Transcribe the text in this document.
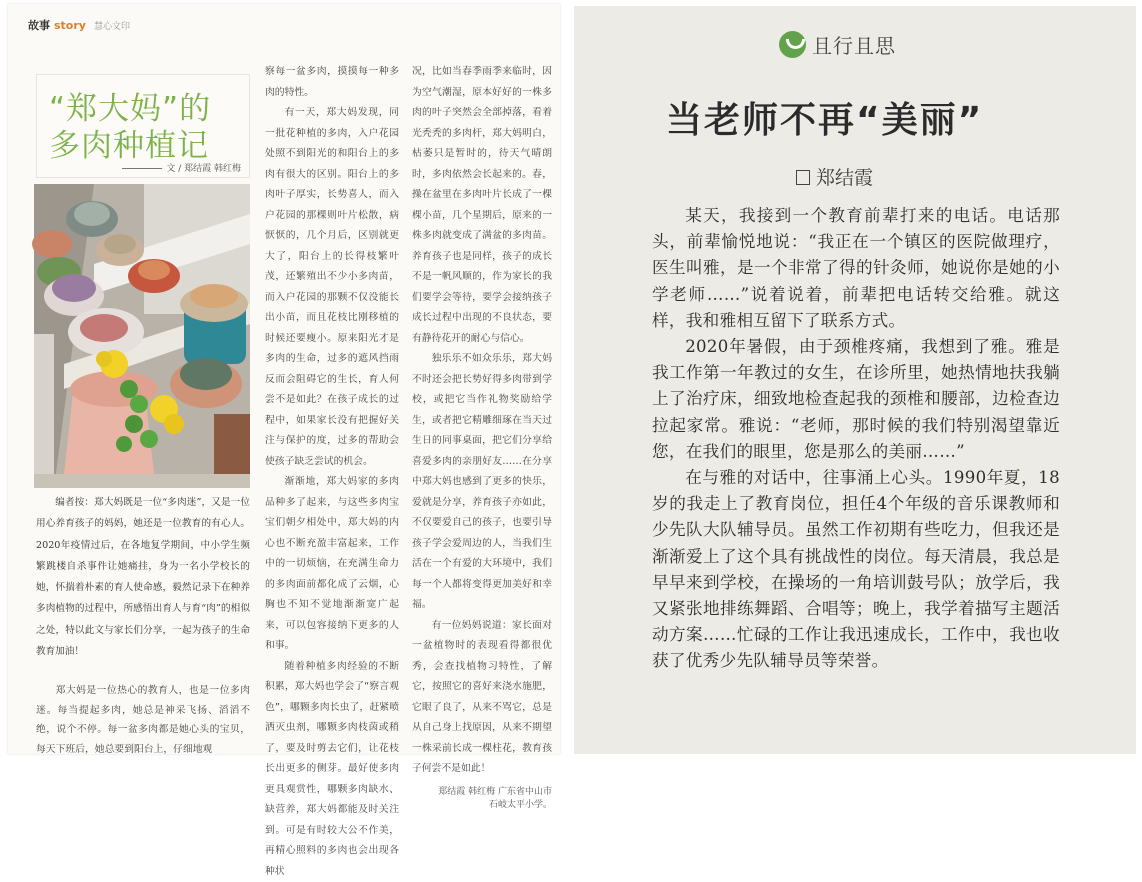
故事 story 慧心文印
“郑大妈”的
多肉种植记
文 / 郑结霞 韩红梅

编者按：郑大妈既是一位“多肉迷”，又是一位用心养育孩子的妈妈，她还是一位教育的有心人。2020年疫情过后，在各地复学期间，中小学生频繁跳楼自杀事件让她痛挂，身为一名小学校长的她，怀揣着朴素的育人使命感，毅然记录下在种养多肉植物的过程中，所感悟出育人与育“肉”的相似之处，特以此文与家长们分享，一起为孩子的生命教育加油！

郑大妈是一位热心的教育人，也是一位多肉迷。每当提起多肉，她总是神采飞扬、滔滔不绝，说个不停。每一盆多肉都是她心头的宝贝，每天下班后，她总要到阳台上，仔细地观

察每一盆多肉，摸摸每一种多肉的特性。

有一天，郑大妈发现，同一批花种植的多肉，入户花园处照不到阳光的和阳台上的多肉有很大的区别。阳台上的多肉叶子厚实，长势喜人，而入户花园的那棵则叶片松散，病恹恹的，几个月后，区别就更大了，阳台上的长得枝繁叶茂，还繁殖出不少小多肉苗，而入户花园的那颗不仅没能长出小苗，而且花枝比刚移植的时候还要瘦小。原来阳光才是多肉的生命，过多的遮风挡雨反而会阻碍它的生长，育人何尝不是如此？在孩子成长的过程中，如果家长没有把握好关注与保护的度，过多的帮助会使孩子缺乏尝试的机会。

渐渐地，郑大妈家的多肉品种多了起来，与这些多肉宝宝们朝夕相处中，郑大妈的内心也不断充盈丰富起来，工作中的一切烦恼，在充满生命力的多肉面前都化成了云烟，心胸也不知不觉地渐渐宽广起来，可以包容接纳下更多的人和事。

随着种植多肉经验的不断积累，郑大妈也学会了“察言观色”，哪颗多肉长虫了，赶紧喷洒灭虫剂，哪颗多肉枝茵或稍了，要及时剪去它们，让花枝长出更多的侧芽。最好使多肉更具观赏性，哪颗多肉缺水、缺营养，郑大妈都能及时关注到。可是有时较大公不作美，再精心照料的多肉也会出现各种状

况，比如当春季雨季来临时，因为空气潮湿，原本好好的一株多肉的叶子突然会全部掉落，看着光秃秃的多肉杆，郑大妈明白，枯萎只是暂时的，待天气晴朗时，多肉依然会长起来的。春，操在盆里在多肉叶片长成了一棵棵小苗，几个星期后，原来的一株多肉就变成了满盆的多肉苗。养育孩子也是同样，孩子的成长不是一帆风顺的，作为家长的我们要学会等待，要学会接纳孩子成长过程中出现的不良状态，要有静待花开的耐心与信心。

独乐乐不如众乐乐，郑大妈不时还会把长势好得多肉带到学校，或把它当作礼物奖励给学生，或者把它精雕细琢在当天过生日的同事桌面，把它们分享给喜爱多肉的亲朋好友……在分享中郑大妈也感到了更多的快乐，爱就是分享，养育孩子亦如此，不仅要爱自己的孩子，也要引导孩子学会爱周边的人，当我们生活在一个有爱的大环境中，我们每一个人都将变得更加美好和幸福。

有一位妈妈说道：家长面对一盆植物时的表现看得都很优秀，会查找植物习特性，了解它，按照它的喜好来浇水施肥，它眼了良了，从来不骂它，总是从自己身上找原因，从来不期望一株采前长成一棵柱花，教育孩子何尝不是如此！

郑结霞 韩红梅 广东省中山市石岐太平小学。

且行且思
当老师不再“美丽”
郑结霞

某天，我接到一个教育前辈打来的电话。电话那头，前辈愉悦地说：“我正在一个镇区的医院做理疗，医生叫雅，是一个非常了得的针灸师，她说你是她的小学老师……”说着说着，前辈把电话转交给雅。就这样，我和雅相互留下了联系方式。

2020年暑假，由于颈椎疼痛，我想到了雅。雅是我工作第一年教过的女生，在诊所里，她热情地扶我躺上了治疗床，细致地检查起我的颈椎和腰部，边检查边拉起家常。雅说：“老师，那时候的我们特别渴望靠近您，在我们的眼里，您是那么的美丽……”

在与雅的对话中，往事涌上心头。1990年夏，18岁的我走上了教育岗位，担任4个年级的音乐课教师和少先队大队辅导员。虽然工作初期有些吃力，但我还是渐渐爱上了这个具有挑战性的岗位。每天清晨，我总是早早来到学校，在操场的一角培训鼓号队；放学后，我又紧张地排练舞蹈、合唱等；晚上，我学着描写主题活动方案……忙碌的工作让我迅速成长，工作中，我也收获了优秀少先队辅导员等荣誉。
